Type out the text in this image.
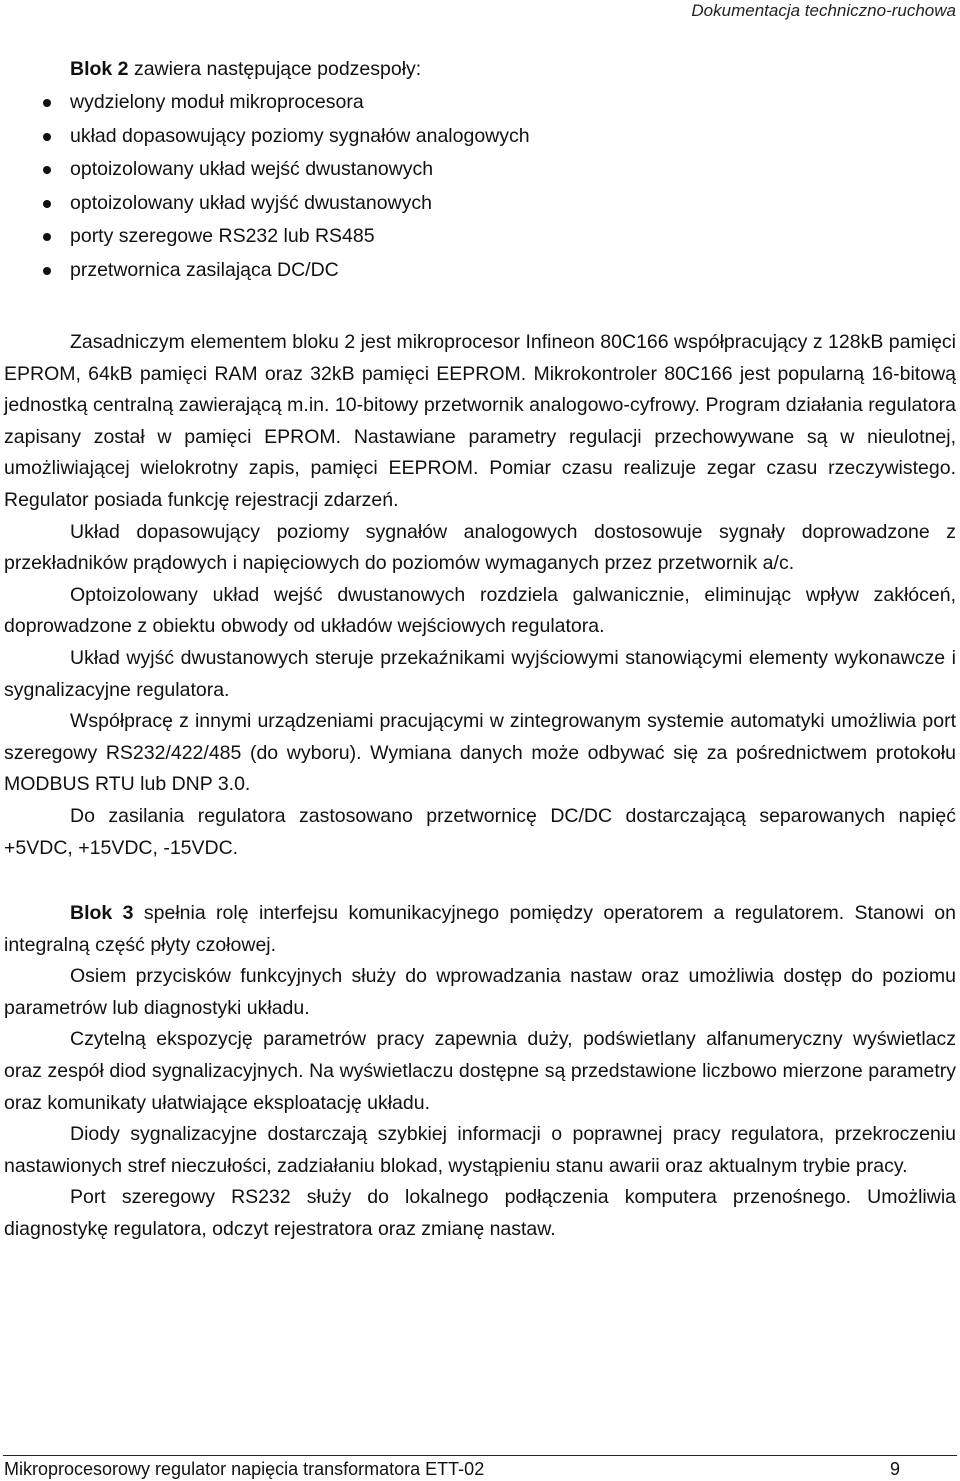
Dokumentacja techniczno-ruchowa
Blok 2 zawiera następujące podzespoły:
wydzielony moduł mikroprocesora
układ dopasowujący poziomy sygnałów analogowych
optoizolowany układ wejść dwustanowych
optoizolowany układ wyjść dwustanowych
porty szeregowe RS232 lub RS485
przetwornica zasilająca DC/DC

Zasadniczym elementem bloku 2 jest mikroprocesor Infineon 80C166 współpracujący z 128kB pamięci EPROM, 64kB pamięci RAM oraz 32kB pamięci EEPROM. Mikrokontroler 80C166 jest popularną 16-bitową jednostką centralną zawierającą m.in. 10-bitowy przetwornik analogowo-cyfrowy. Program działania regulatora zapisany został w pamięci EPROM. Nastawiane parametry regulacji przechowywane są w nieulotnej, umożliwiającej wielokrotny zapis, pamięci EEPROM. Pomiar czasu realizuje zegar czasu rzeczywistego. Regulator posiada funkcję rejestracji zdarzeń.

Układ dopasowujący poziomy sygnałów analogowych dostosowuje sygnały doprowadzone z przekładników prądowych i napięciowych do poziomów wymaganych przez przetwornik a/c.

Optoizolowany układ wejść dwustanowych rozdziela galwanicznie, eliminując wpływ zakłóceń, doprowadzone z obiektu obwody od układów wejściowych regulatora.

Układ wyjść dwustanowych steruje przekaźnikami wyjściowymi stanowiącymi elementy wykonawcze i sygnalizacyjne regulatora.

Współpracę z innymi urządzeniami pracującymi w zintegrowanym systemie automatyki umożliwia port szeregowy RS232/422/485 (do wyboru). Wymiana danych może odbywać się za pośrednictwem protokołu MODBUS RTU lub DNP 3.0.

Do zasilania regulatora zastosowano przetwornicę DC/DC dostarczającą separowanych napięć +5VDC, +15VDC, -15VDC.

Blok 3 spełnia rolę interfejsu komunikacyjnego pomiędzy operatorem a regulatorem. Stanowi on integralną część płyty czołowej.

Osiem przycisków funkcyjnych służy do wprowadzania nastaw oraz umożliwia dostęp do poziomu parametrów lub diagnostyki układu.

Czytelną ekspozycję parametrów pracy zapewnia duży, podświetlany alfanumeryczny wyświetlacz oraz zespół diod sygnalizacyjnych. Na wyświetlaczu dostępne są przedstawione liczbowo mierzone parametry oraz komunikaty ułatwiające eksploatację układu.

Diody sygnalizacyjne dostarczają szybkiej informacji o poprawnej pracy regulatora, przekroczeniu nastawionych stref nieczułości, zadziałaniu blokad, wystąpieniu stanu awarii oraz aktualnym trybie pracy.

Port szeregowy RS232 służy do lokalnego podłączenia komputera przenośnego. Umożliwia diagnostykę regulatora, odczyt rejestratora oraz zmianę nastaw.

Mikroprocesorowy regulator napięcia transformatora ETT-02	9
